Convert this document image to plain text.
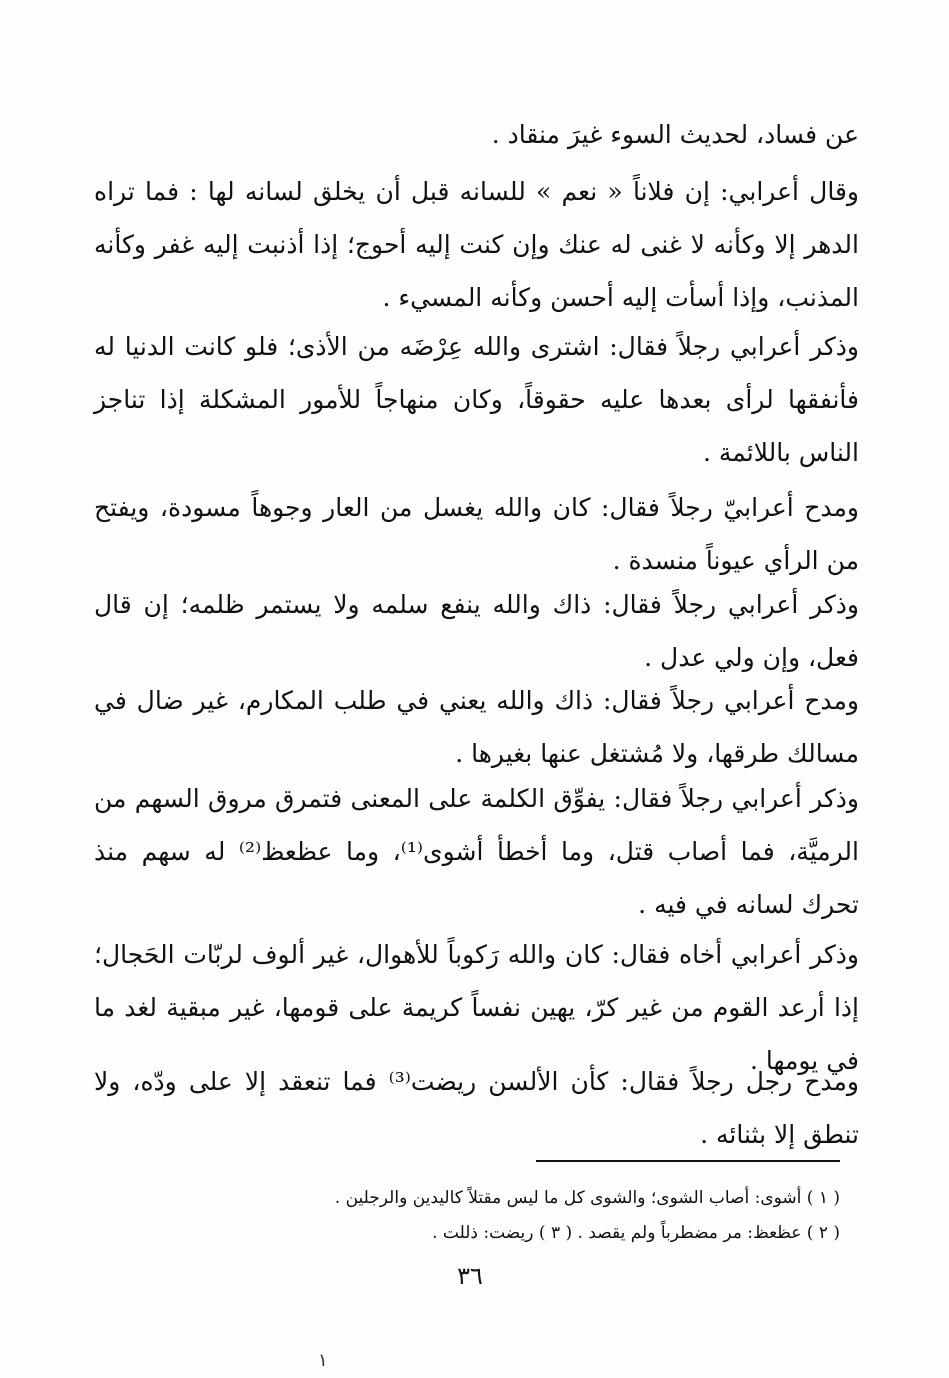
عن فساد، لحديث السوء غيرَ منقاد .

وقال أعرابي: إن فلاناً « نعم » للسانه قبل أن يخلق لسانه لها : فما تراه الدهر إلا وكأنه لا غنى له عنك وإن كنت إليه أحوج؛ إذا أذنبت إليه غفر وكأنه المذنب، وإذا أسأت إليه أحسن وكأنه المسيء .

وذكر أعرابي رجلاً فقال: اشترى والله عِرْضَه من الأذى؛ فلو كانت الدنيا له فأنفقها لرأى بعدها عليه حقوقاً، وكان منهاجاً للأمور المشكلة إذا تناجز الناس باللائمة .

ومدح أعرابيّ رجلاً فقال: كان والله يغسل من العار وجوهاً مسودة، ويفتح من الرأي عيوناً منسدة .

وذكر أعرابي رجلاً فقال: ذاك والله ينفع سلمه ولا يستمر ظلمه؛ إن قال فعل، وإن ولي عدل .

ومدح أعرابي رجلاً فقال: ذاك والله يعني في طلب المكارم، غير ضال في مسالك طرقها، ولا مُشتغل عنها بغيرها .

وذكر أعرابي رجلاً فقال: يفوِّق الكلمة على المعنى فتمرق مروق السهم من الرميَّة، فما أصاب قتل، وما أخطأ أشوى⁽¹⁾، وما عظعظ⁽²⁾ له سهم منذ تحرك لسانه في فيه .

وذكر أعرابي أخاه فقال: كان والله رَكوباً للأهوال، غير ألوف لربّات الحَجال؛ إذا أرعد القوم من غير كرّ، يهين نفساً كريمة على قومها، غير مبقية لغد ما في يومها .

ومدح رجل رجلاً فقال: كأن الألسن ريضت⁽³⁾ فما تنعقد إلا على ودّه، ولا تنطق إلا بثنائه .

( ١ ) أشوى: أصاب الشوى؛ والشوى كل ما ليس مقتلاً كاليدين والرجلين .

( ٢ ) عظعظ: مر مضطرباً ولم يقصد . ( ٣ ) ريضت: ذللت .

٣٦
١
